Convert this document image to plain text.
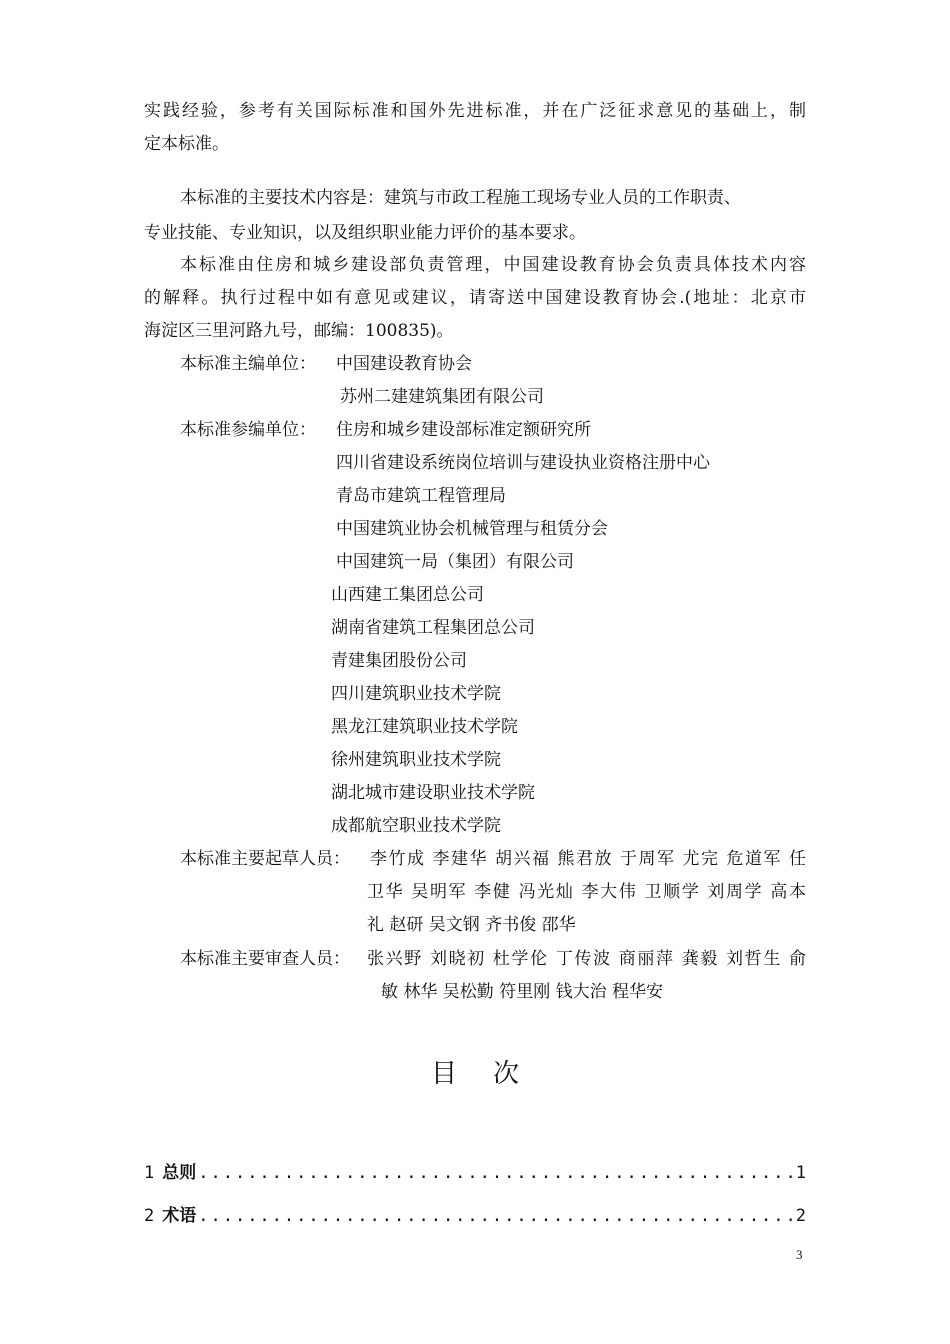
实践经验，参考有关国际标准和国外先进标准，并在广泛征求意见的基础上，制
定本标准。
本标准的主要技术内容是：建筑与市政工程施工现场专业人员的工作职责、
专业技能、专业知识，以及组织职业能力评价的基本要求。
本标准由住房和城乡建设部负责管理，中国建设教育协会负责具体技术内容
的解释。执行过程中如有意见或建议，请寄送中国建设教育协会.(地址：北京市
海淀区三里河路九号，邮编：100835)。
本标准主编单位： 中国建设教育协会
苏州二建建筑集团有限公司
本标准参编单位： 住房和城乡建设部标准定额研究所
四川省建设系统岗位培训与建设执业资格注册中心
青岛市建筑工程管理局
中国建筑业协会机械管理与租赁分会
中国建筑一局（集团）有限公司
山西建工集团总公司
湖南省建筑工程集团总公司
青建集团股份公司
四川建筑职业技术学院
黑龙江建筑职业技术学院
徐州建筑职业技术学院
湖北城市建设职业技术学院
成都航空职业技术学院
本标准主要起草人员： 李竹成 李建华 胡兴福 熊君放 于周军 尤完 危道军 任
卫华 吴明军 李健 冯光灿 李大伟 卫顺学 刘周学 高本
礼 赵研 吴文钢 齐书俊 邵华
本标准主要审查人员： 张兴野 刘晓初 杜学伦 丁传波 商丽萍 龚毅 刘哲生 俞
敏 林华 吴松勤 符里刚 钱大治 程华安
目次
1 总则 .....	1
2 术语 .....	2
3
